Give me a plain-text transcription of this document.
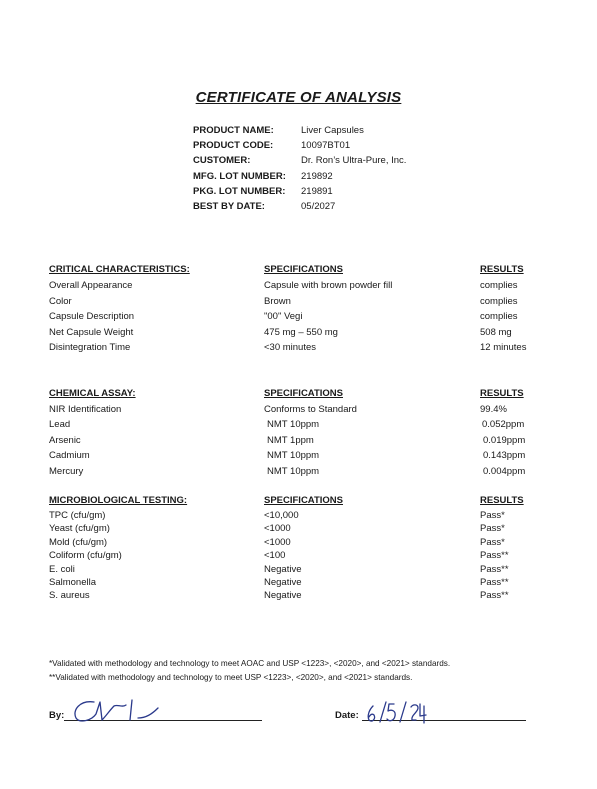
CERTIFICATE OF ANALYSIS
PRODUCT NAME:	Liver Capsules
PRODUCT CODE:	10097BT01
CUSTOMER:	Dr. Ron’s Ultra-Pure, Inc.
MFG. LOT NUMBER: 219892
PKG. LOT NUMBER: 219891
BEST BY DATE:	05/2027
CRITICAL CHARACTERISTICS:	SPECIFICATIONS	RESULTS
Overall Appearance	Capsule with brown powder fill	complies
Color	Brown	complies
Capsule Description	"00" Vegi	complies
Net Capsule Weight	475 mg – 550 mg	508 mg
Disintegration Time	<30 minutes	12 minutes
CHEMICAL ASSAY:	SPECIFICATIONS	RESULTS
NIR Identification	Conforms to Standard	99.4%
Lead	NMT 10ppm	0.052ppm
Arsenic	NMT 1ppm	0.019ppm
Cadmium	NMT 10ppm	0.143ppm
Mercury	NMT 10ppm	0.004ppm
MICROBIOLOGICAL TESTING:	SPECIFICATIONS	RESULTS
TPC (cfu/gm)	<10,000	Pass*
Yeast (cfu/gm)	<1000	Pass*
Mold (cfu/gm)	<1000	Pass*
Coliform (cfu/gm)	<100	Pass**
E. coli	Negative	Pass**
Salmonella	Negative	Pass**
S. aureus	Negative	Pass**
*Validated with methodology and technology to meet AOAC and USP <1223>, <2020>, and <2021> standards.
**Validated with methodology and technology to meet USP <1223>, <2020>, and <2021> standards.
By:	Date:
